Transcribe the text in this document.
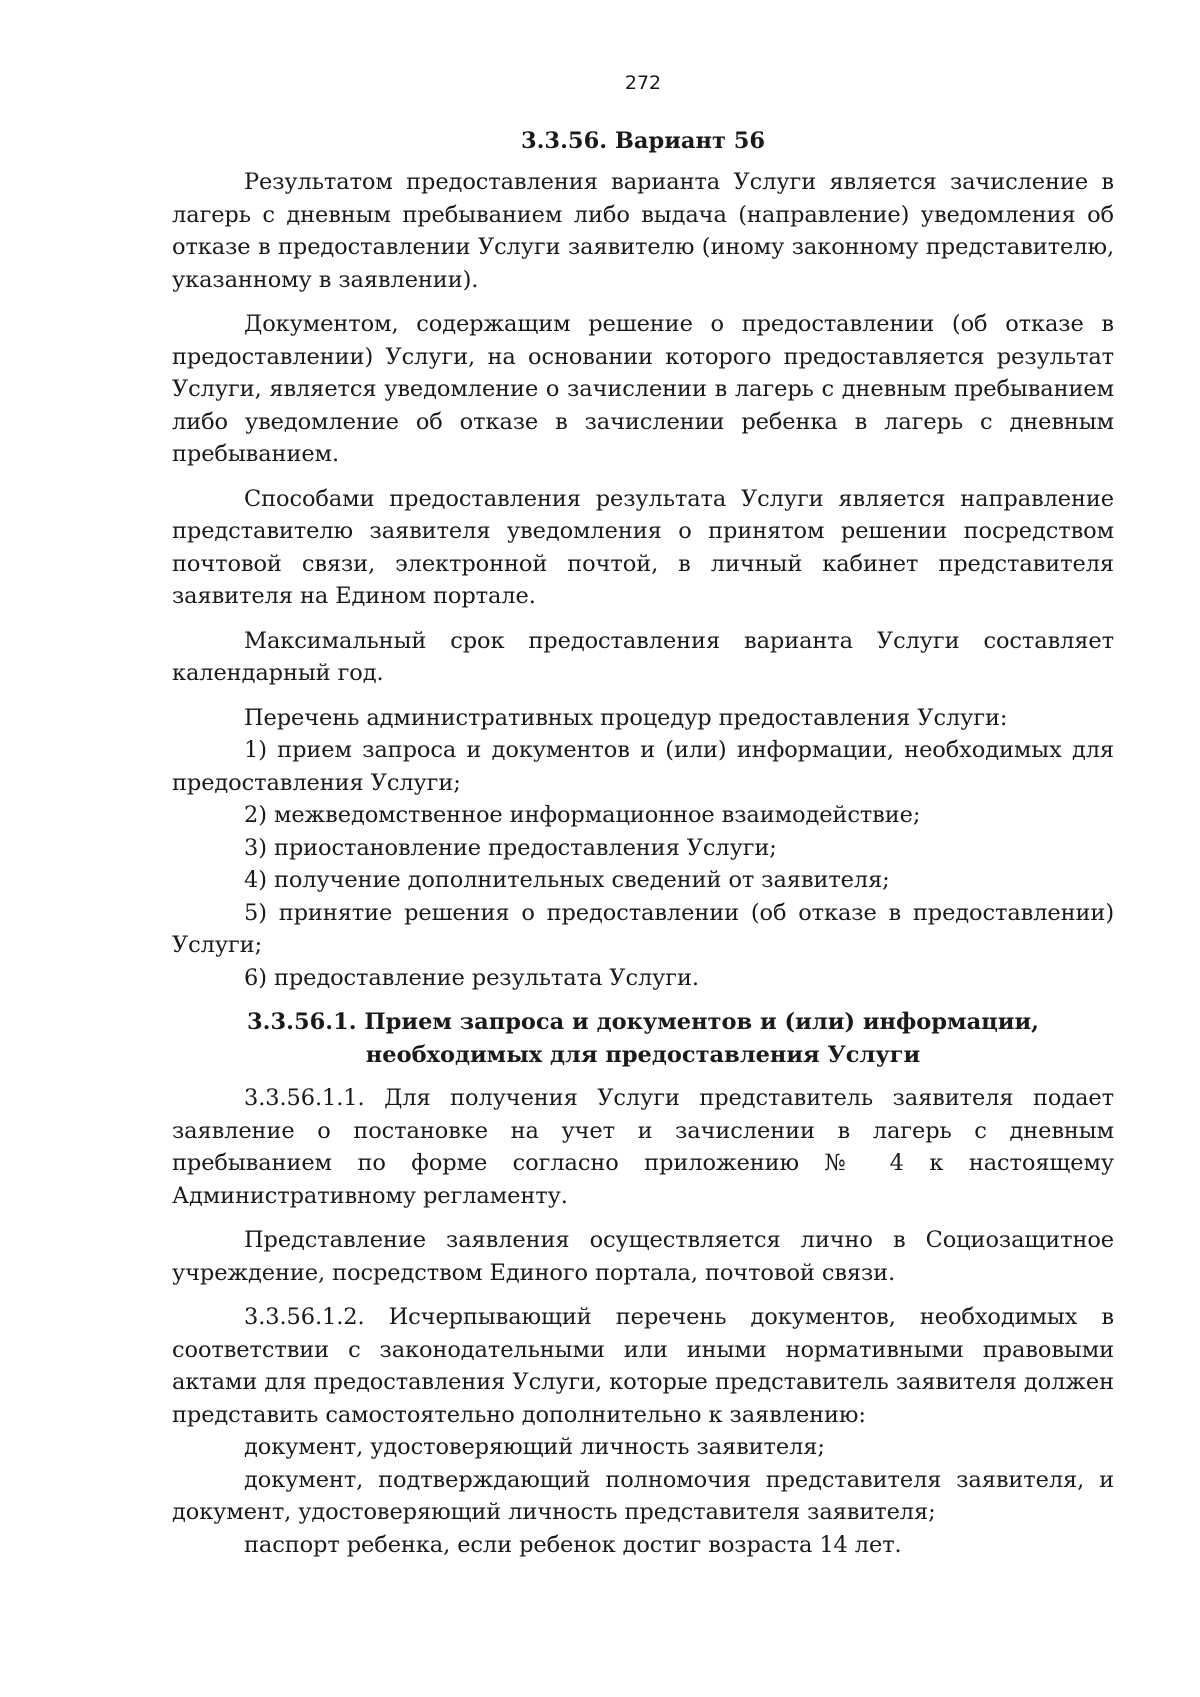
272
3.3.56. Вариант 56

Результатом предоставления варианта Услуги является зачисление в лагерь с дневным пребыванием либо выдача (направление) уведомления об отказе в предоставлении Услуги заявителю (иному законному представителю, указанному в заявлении).

Документом, содержащим решение о предоставлении (об отказе в предоставлении) Услуги, на основании которого предоставляется результат Услуги, является уведомление о зачислении в лагерь с дневным пребыванием либо уведомление об отказе в зачислении ребенка в лагерь с дневным пребыванием.

Способами предоставления результата Услуги является направление представителю заявителя уведомления о принятом решении посредством почтовой связи, электронной почтой, в личный кабинет представителя заявителя на Едином портале.

Максимальный срок предоставления варианта Услуги составляет календарный год.

Перечень административных процедур предоставления Услуги:

1) прием запроса и документов и (или) информации, необходимых для предоставления Услуги;

2) межведомственное информационное взаимодействие;

3) приостановление предоставления Услуги;

4) получение дополнительных сведений от заявителя;

5) принятие решения о предоставлении (об отказе в предоставлении) Услуги;

6) предоставление результата Услуги.

3.3.56.1. Прием запроса и документов и (или) информации, необходимых для предоставления Услуги

3.3.56.1.1. Для получения Услуги представитель заявителя подает заявление о постановке на учет и зачислении в лагерь с дневным пребыванием по форме согласно приложению № 4 к настоящему Административному регламенту.

Представление заявления осуществляется лично в Социозащитное учреждение, посредством Единого портала, почтовой связи.

3.3.56.1.2. Исчерпывающий перечень документов, необходимых в соответствии с законодательными или иными нормативными правовыми актами для предоставления Услуги, которые представитель заявителя должен представить самостоятельно дополнительно к заявлению:

документ, удостоверяющий личность заявителя;

документ, подтверждающий полномочия представителя заявителя, и документ, удостоверяющий личность представителя заявителя;

паспорт ребенка, если ребенок достиг возраста 14 лет.
